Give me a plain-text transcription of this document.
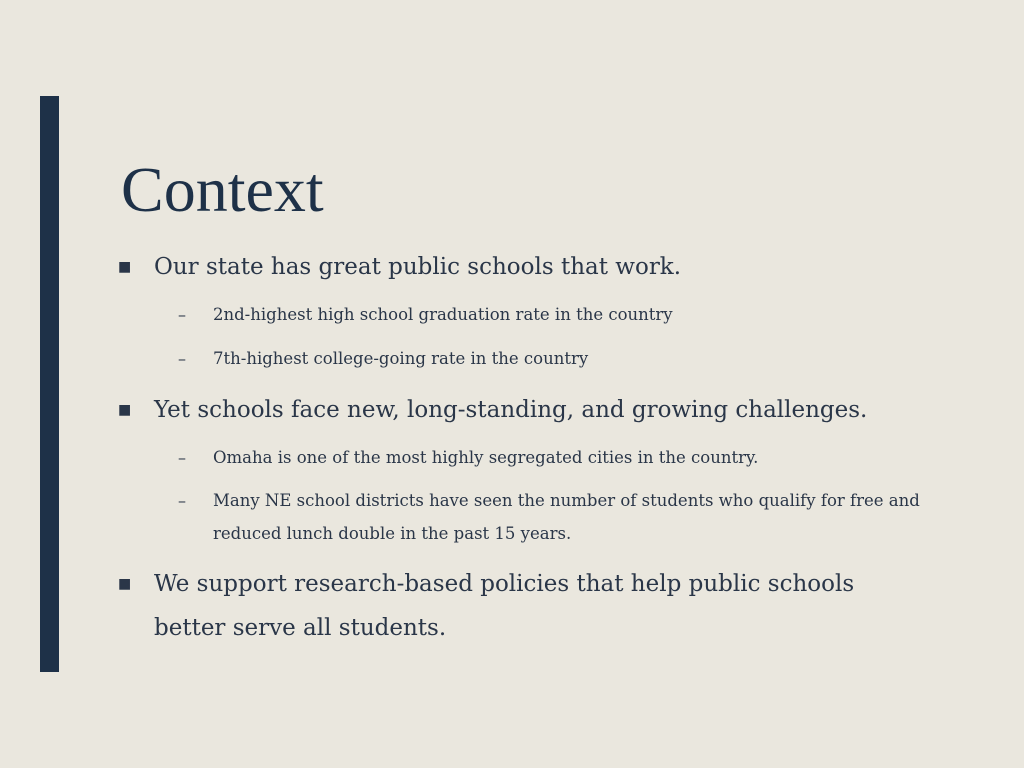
Context
■ Our state has great public schools that work.
–	2nd-highest high school graduation rate in the country
–	7th-highest college-going rate in the country
■ Yet schools face new, long-standing, and growing challenges.
–	Omaha is one of the most highly segregated cities in the country.
–	Many NE school districts have seen the number of students who qualify for free and reduced lunch double in the past 15 years.
■ We support research-based policies that help public schools better serve all students.
